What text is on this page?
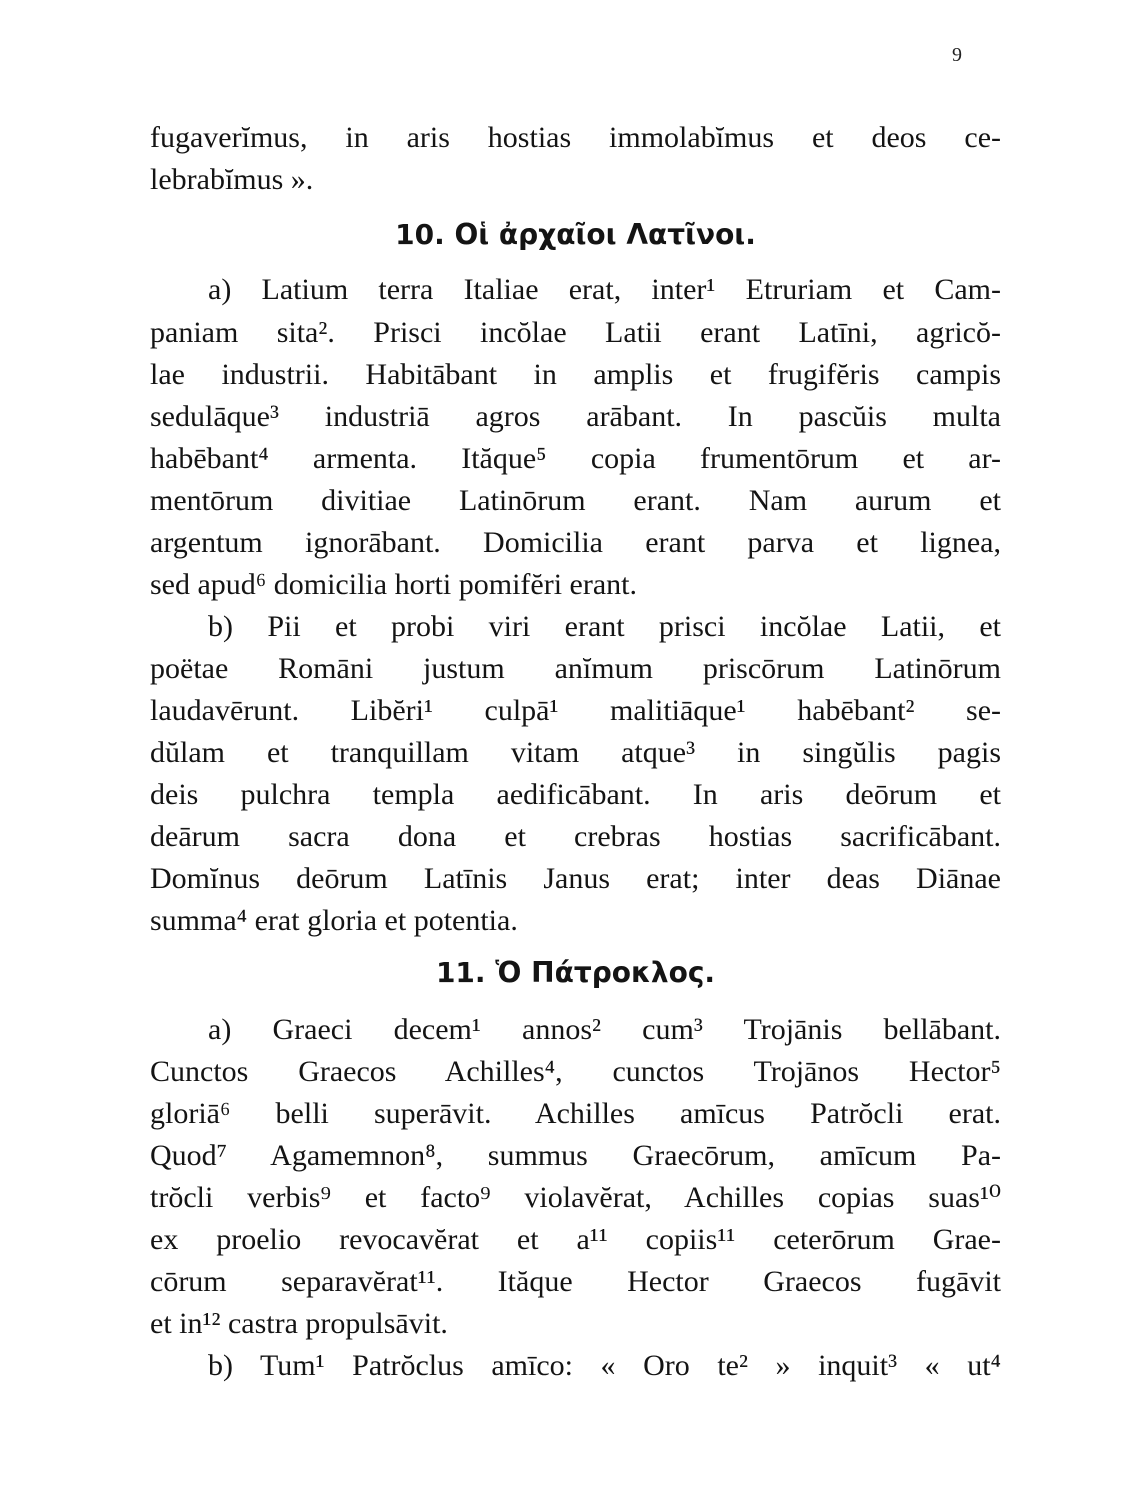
9
fugaverĭmus, in aris hostias immolabĭmus et deos ce-
lebrabĭmus ».
10. Οἱ ἀρχαῖοι Λατῖνοι.
a) Latium terra Italiae erat, inter¹ Etruriam et Cam-
paniam sita². Prisci incŏlae Latii erant Latīni, agricŏ-
lae industrii. Habitābant in amplis et frugifĕris campis
sedulāque³ industriā agros arābant. In pascŭis multa
habēbant⁴ armenta. Ităque⁵ copia frumentōrum et ar-
mentōrum divitiae Latinōrum erant. Nam aurum et
argentum ignorābant. Domicilia erant parva et lignea,
sed apud⁶ domicilia horti pomifĕri erant.
b) Pii et probi viri erant prisci incŏlae Latii, et
poëtae Romāni justum anĭmum priscōrum Latinōrum
laudavērunt. Libĕri¹ culpā¹ malitiāque¹ habēbant² se-
dŭlam et tranquillam vitam atque³ in singŭlis pagis
deis pulchra templa aedificābant. In aris deōrum et
deārum sacra dona et crebras hostias sacrificābant.
Domĭnus deōrum Latīnis Janus erat; inter deas Diānae
summa⁴ erat gloria et potentia.
11. Ὁ Πάτροκλος.
a) Graeci decem¹ annos² cum³ Trojānis bellābant.
Cunctos Graecos Achilles⁴, cunctos Trojānos Hector⁵
gloriā⁶ belli superāvit. Achilles amīcus Patrŏcli erat.
Quod⁷ Agamemnon⁸, summus Graecōrum, amīcum Pa-
trŏcli verbis⁹ et facto⁹ violavĕrat, Achilles copias suas¹⁰
ex proelio revocavĕrat et a¹¹ copiis¹¹ ceterōrum Grae-
cōrum separavĕrat¹¹. Ităque Hector Graecos fugāvit
et in¹² castra propulsāvit.
b) Tum¹ Patrŏclus amīco: « Oro te² » inquit³ « ut⁴
